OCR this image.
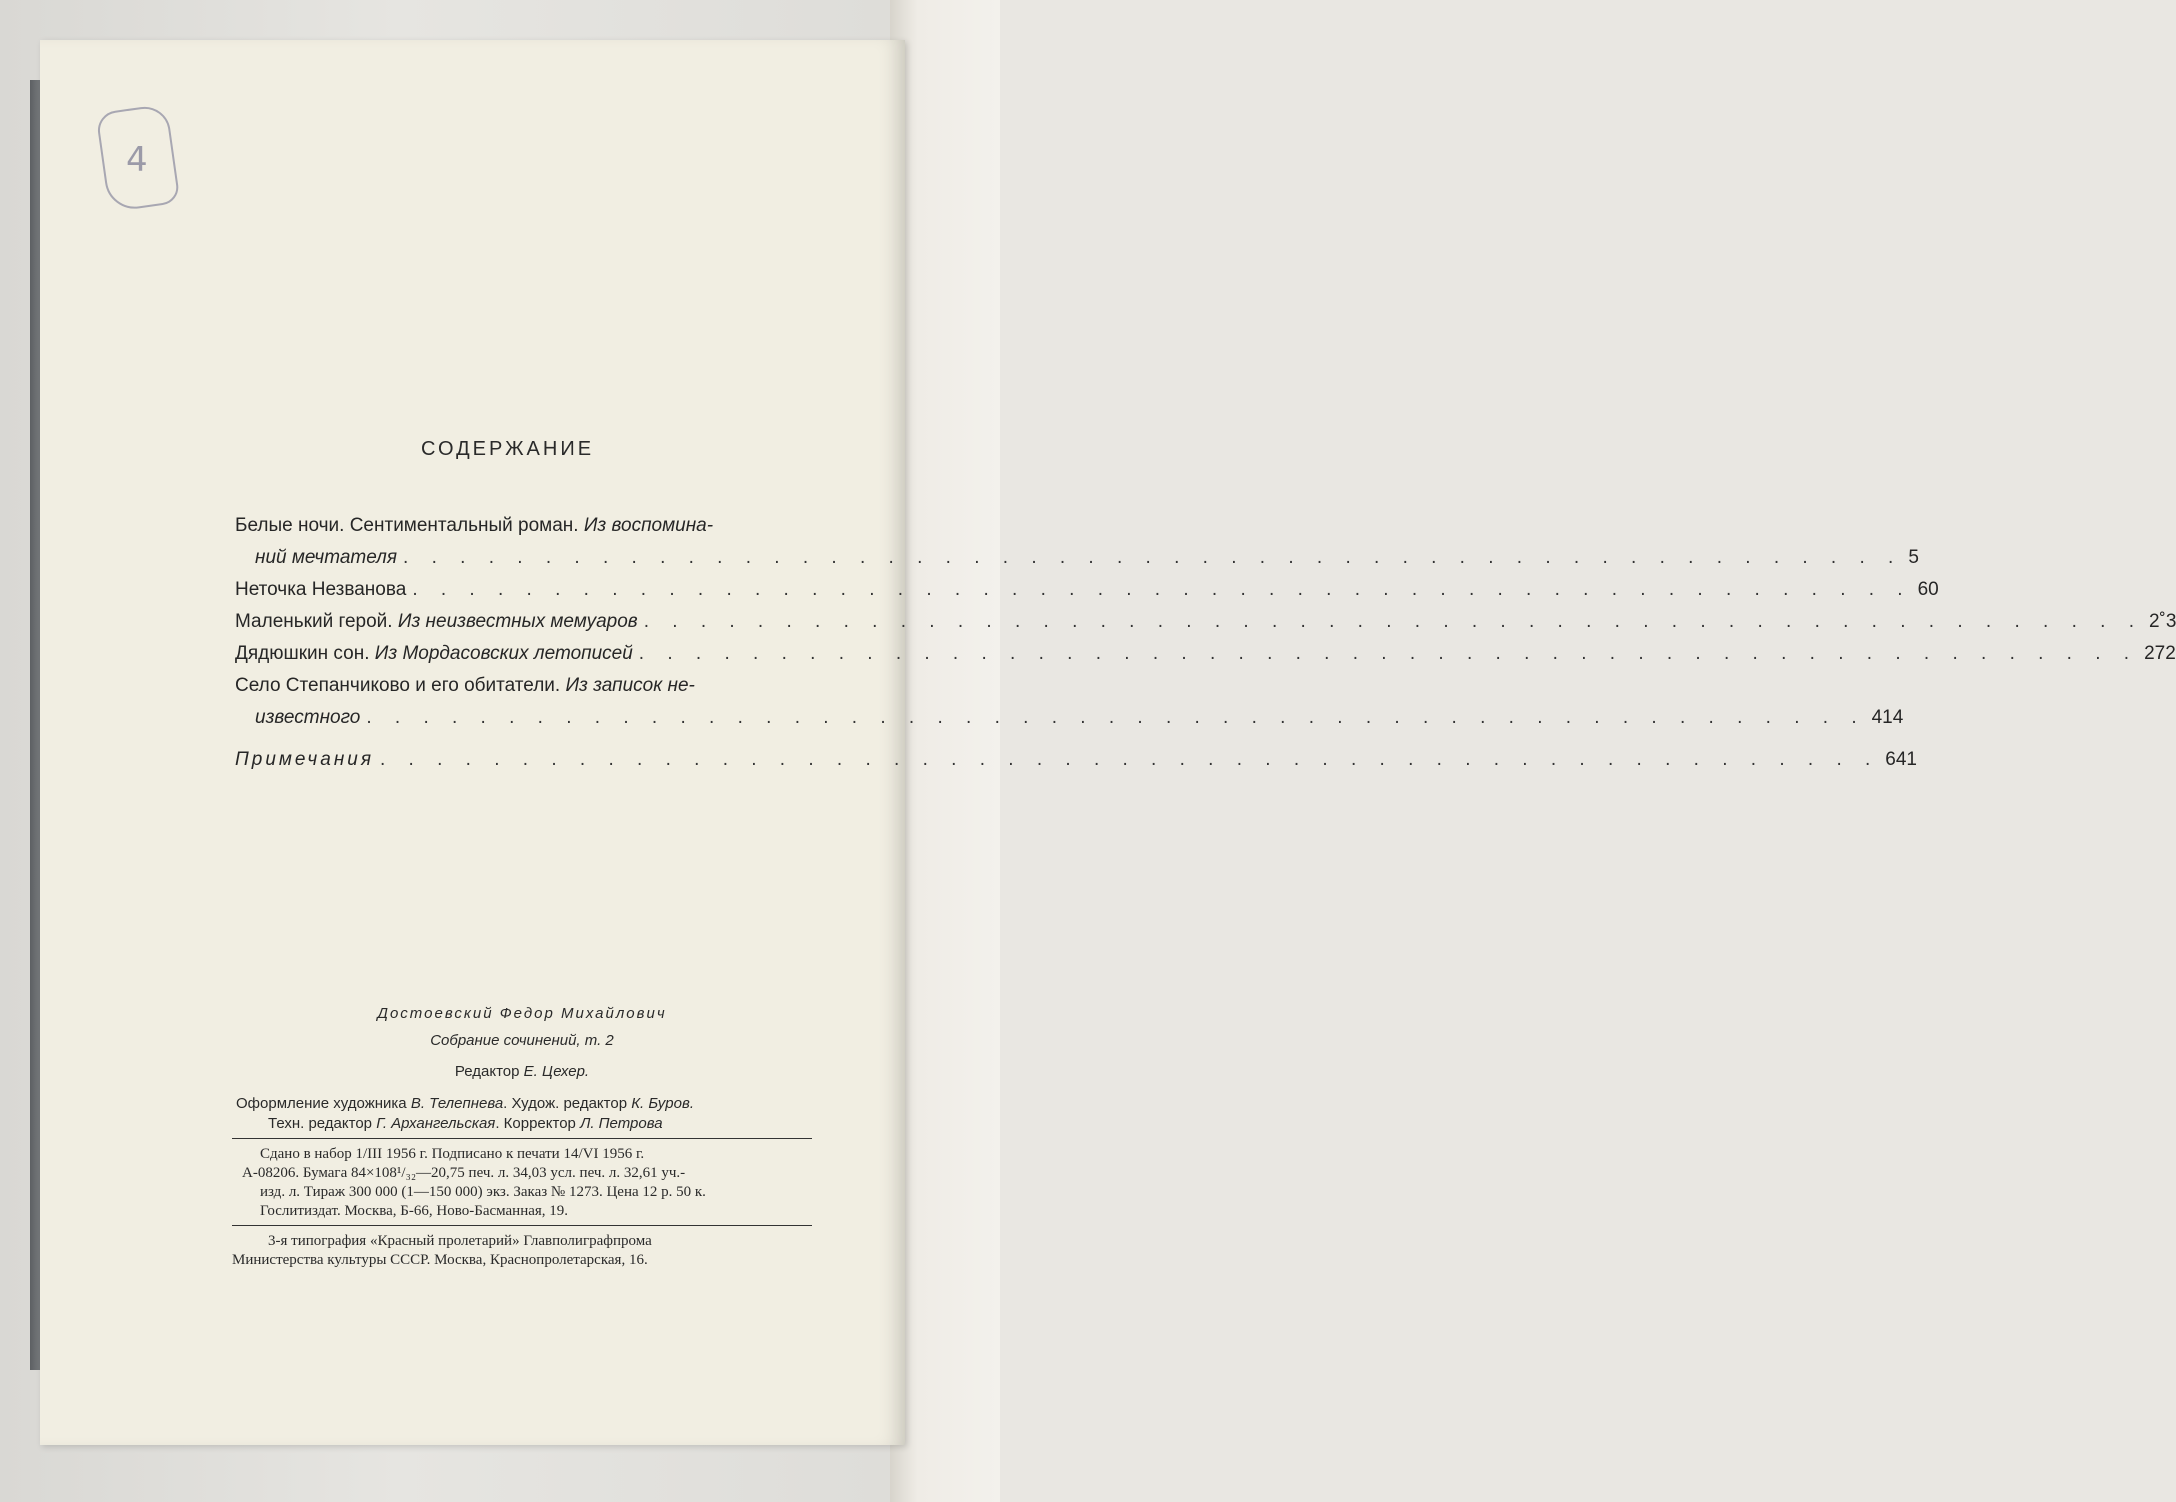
4
СОДЕРЖАНИЕ
Белые ночи. Сентиментальный роман. Из воспомина-
ний мечтателя . . . . . . . . . . . . . . . . . . . . . . . . . . . . . . . . . . . . . . . . . . . . . . . . . . . . . 5
Неточка Незванова . . . . . . . . . . . . . . . . . . . . . . . . . . . . . . . . . . . . . . . . . . . . . . . . . . . . . 60
Маленький герой. Из неизвестных мемуаров . . . . . . . . . . . . . . . . . . . . . . . . . . . . . . . . . . . . . . . . . . . . . . . . . . . . . 2˚3
Дядюшкин сон. Из Мордасовских летописей . . . . . . . . . . . . . . . . . . . . . . . . . . . . . . . . . . . . . . . . . . . . . . . . . . . . . 272
Село Степанчиково и его обитатели. Из записок не-
известного . . . . . . . . . . . . . . . . . . . . . . . . . . . . . . . . . . . . . . . . . . . . . . . . . . . . . 414
Примечания . . . . . . . . . . . . . . . . . . . . . . . . . . . . . . . . . . . . . . . . . . . . . . . . . . . . . 641
Достоевский Федор Михайлович
Собрание сочинений, т. 2
Редактор Е. Цехер.
Оформление художника В. Телепнева. Худож. редактор К. Буров.
Техн. редактор Г. Архангельская. Корректор Л. Петрова
Сдано в набор 1/III 1956 г. Подписано к печати 14/VI 1956 г.
А-08206. Бумага 84×108¹/₃₂—20,75 печ. л. 34,03 усл. печ. л. 32,61 уч.-
изд. л. Тираж 300 000 (1—150 000) экз. Заказ № 1273. Цена 12 р. 50 к.
Гослитиздат. Москва, Б-66, Ново-Басманная, 19.
3-я типография «Красный пролетарий» Главполиграфпрома
Министерства культуры СССР. Москва, Краснопролетарская, 16.
